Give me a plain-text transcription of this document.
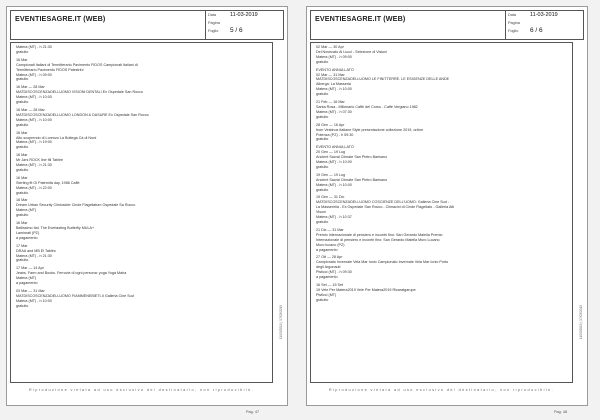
EVENTIESAGRE.IT (WEB)	Data	11-03-2019
Pagina
Foglio 5 / 6
Matera (MT) - h 21:30
gratuito
16 Mar
Campionati Italiani di Termitterario Pavimento FIDOS Campionati Italiani di
Termitterario Pavimento FIDOS Palestrini
Matera (MT) - h 09:00
gratuito
16 Mar — 28 Mar
MATDISCOSCENZADELLUOMO VISIONI DENTALI Ex Ospedale San Rocco
Matera (MT) - h 10:00
gratuito
16 Mar — 28 Mar
MATDISCOSCENZADELLUOMO LONDON & DASURE Ex Ospedale San Rocco
Matera (MT) - h 10:00
gratuito
16 Mar
Alto scoprendo di Lorenzo La Bottega Cà di Nord
Matera (MT) - h 19:00
gratuito
16 Mar
Mr Jars ROCK line fill Tablée
Matera (MT) - h 21:30
gratuito
16 Mar
Sterling fit Ol Paternità day, 1986 Caffè
Matera (MT) - h 22:00
gratuito
16 Mar
Dream Urban Security Cliniosider Cinde Flagellatum Ospedale Sa Rocco
Matera (MT)
gratuito
16 Mar
Bellissimo Ital. The Everlasting Butterfly MULA+
Lamimati (PZ)
a pagamento
17 Mar
DRAA and MB El Tablès
Matera (MT) - h 21:30
gratuito
17 Mar — 14 Apr
Jeans. Farm and Books. Ferrovie di ogni persona: yoga Yoga Maha
Matera (MT)
a pagamento
03 Mar — 31 Mar
MATDISCOSCENZADELLUOMO FIAMMENEBIETI-II Galleria Cine Sud
Matera (MT) - h 10:00
gratuito	11/03/2019 | 17/03/2019
Riproduzione vietata ad uso esclusivo del destinatario, non riproducibile.
Pag. 47
EVENTIESAGRE.IT (WEB)	Data	11-03-2019
Pagina
Foglio 6 / 6
02 Mar — 30 Apr
Del Novecato Al Lucci - Selezione di Visioni
Matera (MT) - h 09:00
gratuito
EVENTO ANNULLATO
02 Mar — 31 Mar
MATDISCOSCENZADELLUOMO LE FINITTERRE. LE ESIGENZE DELLE ANDE
Alberga: La Masseria
Matera (MT) - h 10:00
gratuito
21 Feb — 16 Mar
Santa Rosa - Millenario Caffè del Corso - Caffè Vergiano 1982
Matera (MT) - h 07:30
gratuito
28 Gen — 16 Apr
from Vestinos Italiane Style presentazione collezione 2019, online
Potenza (PZ) - h 09:30
gratuito
EVENTO ANNULLATO
20 Gen — 19 Lug
Ancient Sacral Climate San Pietro Barisano
Matera (MT) - h 10:00
gratuito
19 Gen — 19 Lug
Ancient Sacral Climate San Pietro Barisano
Matera (MT) - h 10:00
gratuito
19 Gen — 31 Dic
MATDISCOSCENZADELLUOMO COSCIENZE DELL'UOMO: Galleria Cine Sud -
La Masserella - Ex Ospedale San Rocco - Climacini di Cinde Flagellato - Galleria Alti
Visoni
Matera (MT) - h 10:37
gratuito
21 Dic — 31 Mar
Premio Internazionale di pensiero e incontri fino: San Gerardo Maiella Premio
Internazionale di pensiero e incontri fino: San Gerardo Maiella Muro Lucano
Muro lucano (PZ)
a pagamento
27 Ott — 28 Apr
Campionato Invernale Vela Mar Ionio Campionato Invernale Vela Mar Ionio Porto
degli Argonauti
Pisticci (MT) - h 09:30
a pagamento
16 Set — 15 Set
19 Vele Per Matera2019 Vele Per Matera2019 Ricaratgarupe
Pisticci (MT)
gratuito
11/03/2019 | 17/03/2019
Riproduzione vietata ad uso esclusivo del destinatario, non riproducibile.
Pag. 48
